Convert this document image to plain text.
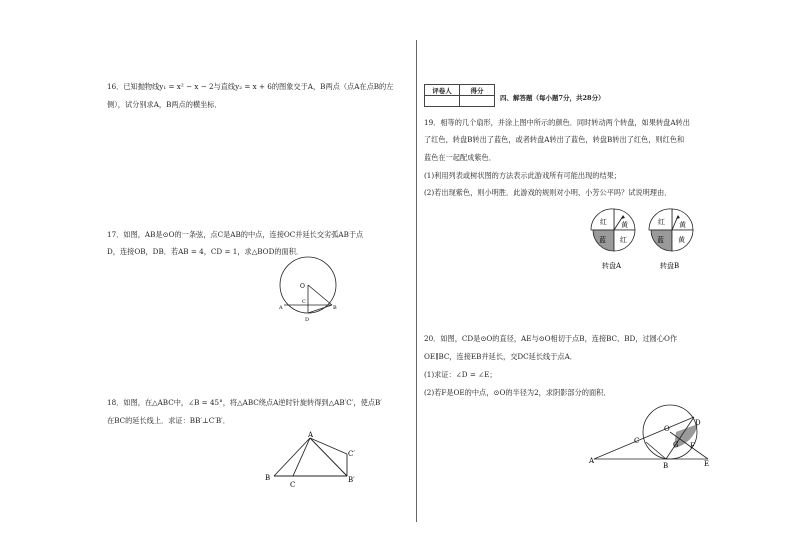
16．已知抛物线y₁ = x² − x − 2与直线y₂ = x + 6的图象交于A，B两点（点A在点B的左
侧），试分别求A，B两点的横坐标．
17．如图，AB是⊙O的一条弦，点C是AB的中点，连接OC并延长交劣弧AB于点
D，连接OB，DB．若AB = 4，CD = 1，求△BOD的面积．
O
C
A	B
D
18．如图，在△ABC中，∠B = 45°，将△ABC绕点A逆时针旋转得到△AB′C′，使点B′
在BC的延长线上．求证：BB′⊥C′B′．
A
B
C
B′
C′
评卷人	得分

四、解答题（每小题7分，共28分）
19．相等的几个扇形，并涂上图中所示的颜色．同时转动两个转盘，如果转盘A转出
了红色，转盘B转出了蓝色，或者转盘A转出了蓝色，转盘B转出了红色，则红色和
蓝色在一起配成紫色．
(1)利用列表或树状图的方法表示此游戏所有可能出现的结果；
(2)若出现紫色，则小明胜．此游戏的规则对小明、小芳公平吗？试说明理由．
红 黄
蓝 红
转盘A
红 黄
蓝 黄
转盘B
20．如图，CD是⊙O的直径，AE与⊙O相切于点B，连接BC、BD，过圆心O作
OE∥BC，连接EB并延长，交DC延长线于点A．
(1)求证：∠D = ∠E；
(2)若F是OE的中点，⊙O的半径为2，求阴影部分的面积．
A
B
C
D
E
F
G
O
